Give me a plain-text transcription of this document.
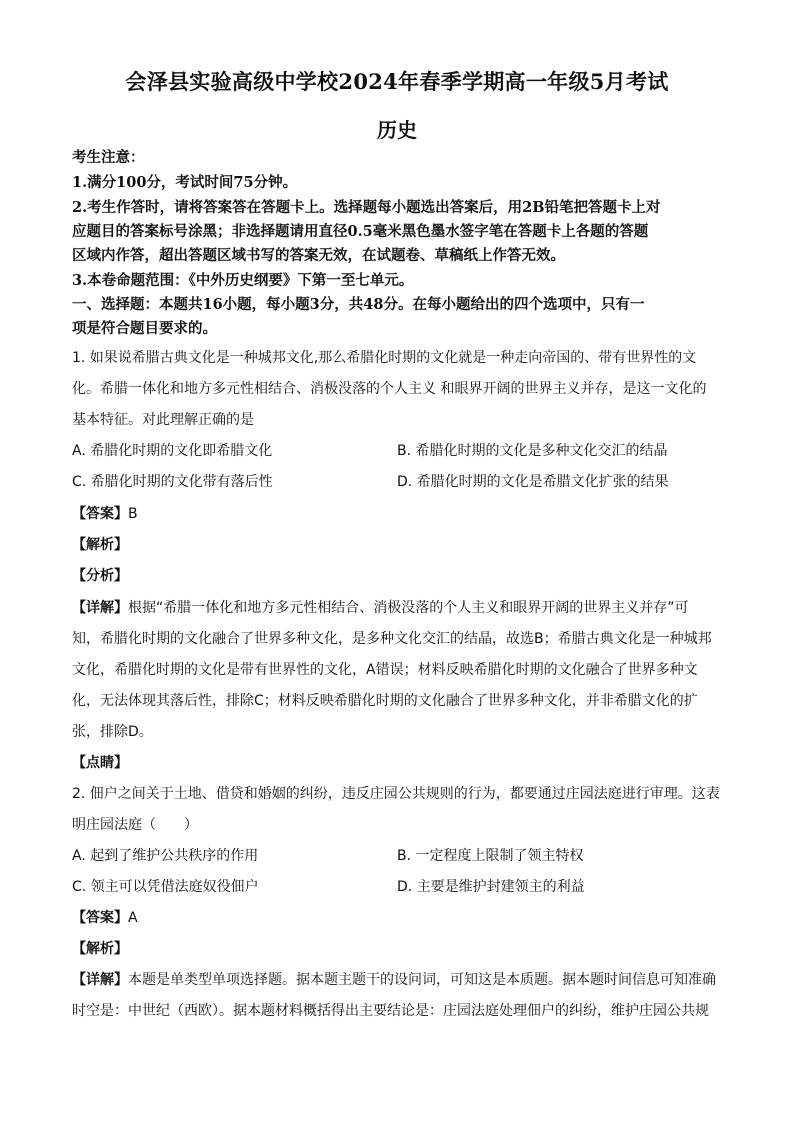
会泽县实验高级中学校2024年春季学期高一年级5月考试
历史
考生注意：
1.满分100分，考试时间75分钟。
2.考生作答时，请将答案答在答题卡上。选择题每小题选出答案后，用2B铅笔把答题卡上对
应题目的答案标号涂黑；非选择题请用直径0.5毫米黑色墨水签字笔在答题卡上各题的答题
区域内作答，超出答题区域书写的答案无效，在试题卷、草稿纸上作答无效。
3.本卷命题范围：《中外历史纲要》下第一至七单元。
一、选择题：本题共16小题，每小题3分，共48分。在每小题给出的四个选项中，只有一
项是符合题目要求的。
1. 如果说希腊古典文化是一种城邦文化,那么希腊化时期的文化就是一种走向帝国的、带有世界性的文
化。希腊一体化和地方多元性相结合、消极没落的个人主义 和眼界开阔的世界主义并存，是这一文化的
基本特征。对此理解正确的是
A. 希腊化时期的文化即希腊文化	B. 希腊化时期的文化是多种文化交汇的结晶
C. 希腊化时期的文化带有落后性	D. 希腊化时期的文化是希腊文化扩张的结果
【答案】B
【解析】
【分析】
【详解】根据“希腊一体化和地方多元性相结合、消极没落的个人主义和眼界开阔的世界主义并存”可
知，希腊化时期的文化融合了世界多种文化，是多种文化交汇的结晶，故选B；希腊古典文化是一种城邦
文化，希腊化时期的文化是带有世界性的文化，A错误；材料反映希腊化时期的文化融合了世界多种文
化，无法体现其落后性，排除C；材料反映希腊化时期的文化融合了世界多种文化，并非希腊文化的扩
张，排除D。
【点睛】
2. 佃户之间关于土地、借贷和婚姻的纠纷，违反庄园公共规则的行为，都要通过庄园法庭进行审理。这表
明庄园法庭（　　）
A. 起到了维护公共秩序的作用	B. 一定程度上限制了领主特权
C. 领主可以凭借法庭奴役佃户	D. 主要是维护封建领主的利益
【答案】A
【解析】
【详解】本题是单类型单项选择题。据本题主题干的设问词，可知这是本质题。据本题时间信息可知准确
时空是：中世纪（西欧）。据本题材料概括得出主要结论是：庄园法庭处理佃户的纠纷，维护庄园公共规
